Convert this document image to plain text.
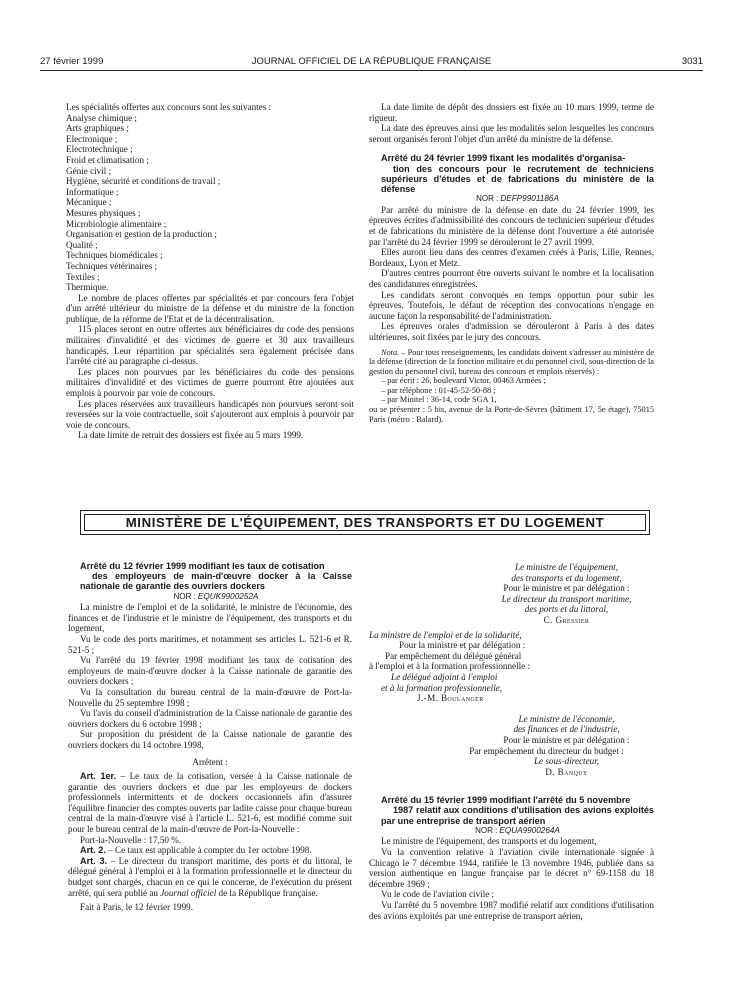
27 février 1999	JOURNAL OFFICIEL DE LA RÉPUBLIQUE FRANÇAISE	3031

Les spécialités offertes aux concours sont les suivantes :

Analyse chimique ;
Arts graphiques ;
Electronique ;
Electrotechnique ;
Froid et climatisation ;
Génie civil ;
Hygiène, sécurité et conditions de travail ;
Informatique ;
Mécanique ;
Mesures physiques ;
Microbiologie alimentaire ;
Organisation et gestion de la production ;
Qualité ;
Techniques biomédicales ;
Techniques vétérinaires ;
Textiles ;
Thermique.

Le nombre de places offertes par spécialités et par concours fera l'objet d'un arrêté ultérieur du ministre de la défense et du ministre de la fonction publique, de la réforme de l'Etat et de la décentralisation.

115 places seront en outre offertes aux bénéficiaires du code des pensions militaires d'invalidité et des victimes de guerre et 30 aux travailleurs handicapés. Leur répartition par spécialités sera également précisée dans l'arrêté cité au paragraphe ci-dessus.

Les places non pourvues par les bénéficiaires du code des pensions militaires d'invalidité et des victimes de guerre pourront être ajoutées aux emplois à pourvoir par voie de concours.

Les places réservées aux travailleurs handicapés non pourvues seront soit reversées sur la voie contractuelle, soit s'ajouteront aux emplois à pourvoir par voie de concours.

La date limite de retrait des dossiers est fixée au 5 mars 1999.

La date limite de dépôt des dossiers est fixée au 10 mars 1999, terme de rigueur.

La date des épreuves ainsi que les modalités selon lesquelles les concours seront organisés feront l'objet d'un arrêté du ministre de la défense.

Arrêté du 24 février 1999 fixant les modalités d'organisa-
tion des concours pour le recrutement de techniciens supérieurs d'études et de fabrications du ministère de la défense

NOR : DEFP9901186A

Par arrêté du ministre de la défense en date du 24 février 1999, les épreuves écrites d'admissibilité des concours de technicien supérieur d'études et de fabrications du ministère de la défense dont l'ouverture a été autorisée par l'arrêté du 24 février 1999 se dérouleront le 27 avril 1999.

Elles auront lieu dans des centres d'examen créés à Paris, Lille, Rennes, Bordeaux, Lyon et Metz.

D'autres centres pourront être ouverts suivant le nombre et la localisation des candidatures enregistrées.

Les candidats seront convoqués en temps opportun pour subir les épreuves. Toutefois, le défaut de réception des convocations n'engage en aucune façon la responsabilité de l'administration.

Les épreuves orales d'admission se dérouleront à Paris à des dates ultérieures, soit fixées par le jury des concours.

Nota. – Pour tous renseignements, les candidats doivent s'adresser au ministère de la défense (direction de la fonction militaire et du personnel civil, sous-direction de la gestion du personnel civil, bureau des concours et emplois réservés) :

– par écrit : 26, boulevard Victor, 00463 Armées ;

– par téléphone : 01-45-52-50-88 ;

– par Minitel : 36-14, code SGA 1,

ou se présenter : 5 bis, avenue de la Porte-de-Sèvres (bâtiment 17, 5e étage), 75015 Paris (métro : Balard).

MINISTÈRE DE L'ÉQUIPEMENT, DES TRANSPORTS ET DU LOGEMENT

Arrêté du 12 février 1999 modifiant les taux de cotisation
des employeurs de main-d'œuvre docker à la Caisse nationale de garantie des ouvriers dockers

NOR : EQUK9900252A

La ministre de l'emploi et de la solidarité, le ministre de l'économie, des finances et de l'industrie et le ministre de l'équipement, des transports et du logement,

Vu le code des ports maritimes, et notamment ses articles L. 521-6 et R. 521-5 ;

Vu l'arrêté du 19 février 1998 modifiant les taux de cotisation des employeurs de main-d'œuvre docker à la Caisse nationale de garantie des ouvriers dockers ;

Vu la consultation du bureau central de la main-d'œuvre de Port-la-Nouvelle du 25 septembre 1998 ;

Vu l'avis du conseil d'administration de la Caisse nationale de garantie des ouvriers dockers du 6 octobre 1998 ;

Sur proposition du président de la Caisse nationale de garantie des ouvriers dockers du 14 octobre 1998,

Arrêtent :

Art. 1er. – Le taux de la cotisation, versée à la Caisse nationale de garantie des ouvriers dockers et due par les employeurs de dockers professionnels intermittents et de dockers occasionnels afin d'assurer l'équilibre financier des comptes ouverts par ladite caisse pour chaque bureau central de la main-d'œuvre visé à l'article L. 521-6, est modifié comme suit pour le bureau central de la main-d'œuvre de Port-la-Nouvelle :

Port-la-Nouvelle : 17,50 %.

Art. 2. – Ce taux est applicable à compter du 1er octobre 1998.

Art. 3. – Le directeur du transport maritime, des ports et du littoral, le délégué général à l'emploi et à la formation professionnelle et le directeur du budget sont chargés, chacun en ce qui le concerne, de l'exécution du présent arrêté, qui sera publié au Journal officiel de la République française.

Fait à Paris, le 12 février 1999.

Le ministre de l'équipement,

des transports et du logement,

Pour le ministre et par délégation :

Le directeur du transport maritime,

des ports et du littoral,

C. Gressier

La ministre de l'emploi et de la solidarité,

Pour la ministre et par délégation :

Par empêchement du délégué général

à l'emploi et à la formation professionnelle :

Le délégué adjoint à l'emploi

et à la formation professionnelle,

J.-M. Boulanger

Le ministre de l'économie,

des finances et de l'industrie,

Pour le ministre et par délégation :

Par empêchement du directeur du budget :

Le sous-directeur,

D. Banquy

Arrêté du 15 février 1999 modifiant l'arrêté du 5 novembre
1987 relatif aux conditions d'utilisation des avions exploités par une entreprise de transport aérien

NOR : EQUA9900264A

Le ministre de l'équipement, des transports et du logement,

Vu la convention relative à l'aviation civile internationale signée à Chicago le 7 décembre 1944, ratifiée le 13 novembre 1946, publiée dans sa version authentique en langue française par le décret n° 69-1158 du 18 décembre 1969 ;

Vu le code de l'aviation civile ;

Vu l'arrêté du 5 novembre 1987 modifié relatif aux conditions d'utilisation des avions exploités par une entreprise de transport aérien,
